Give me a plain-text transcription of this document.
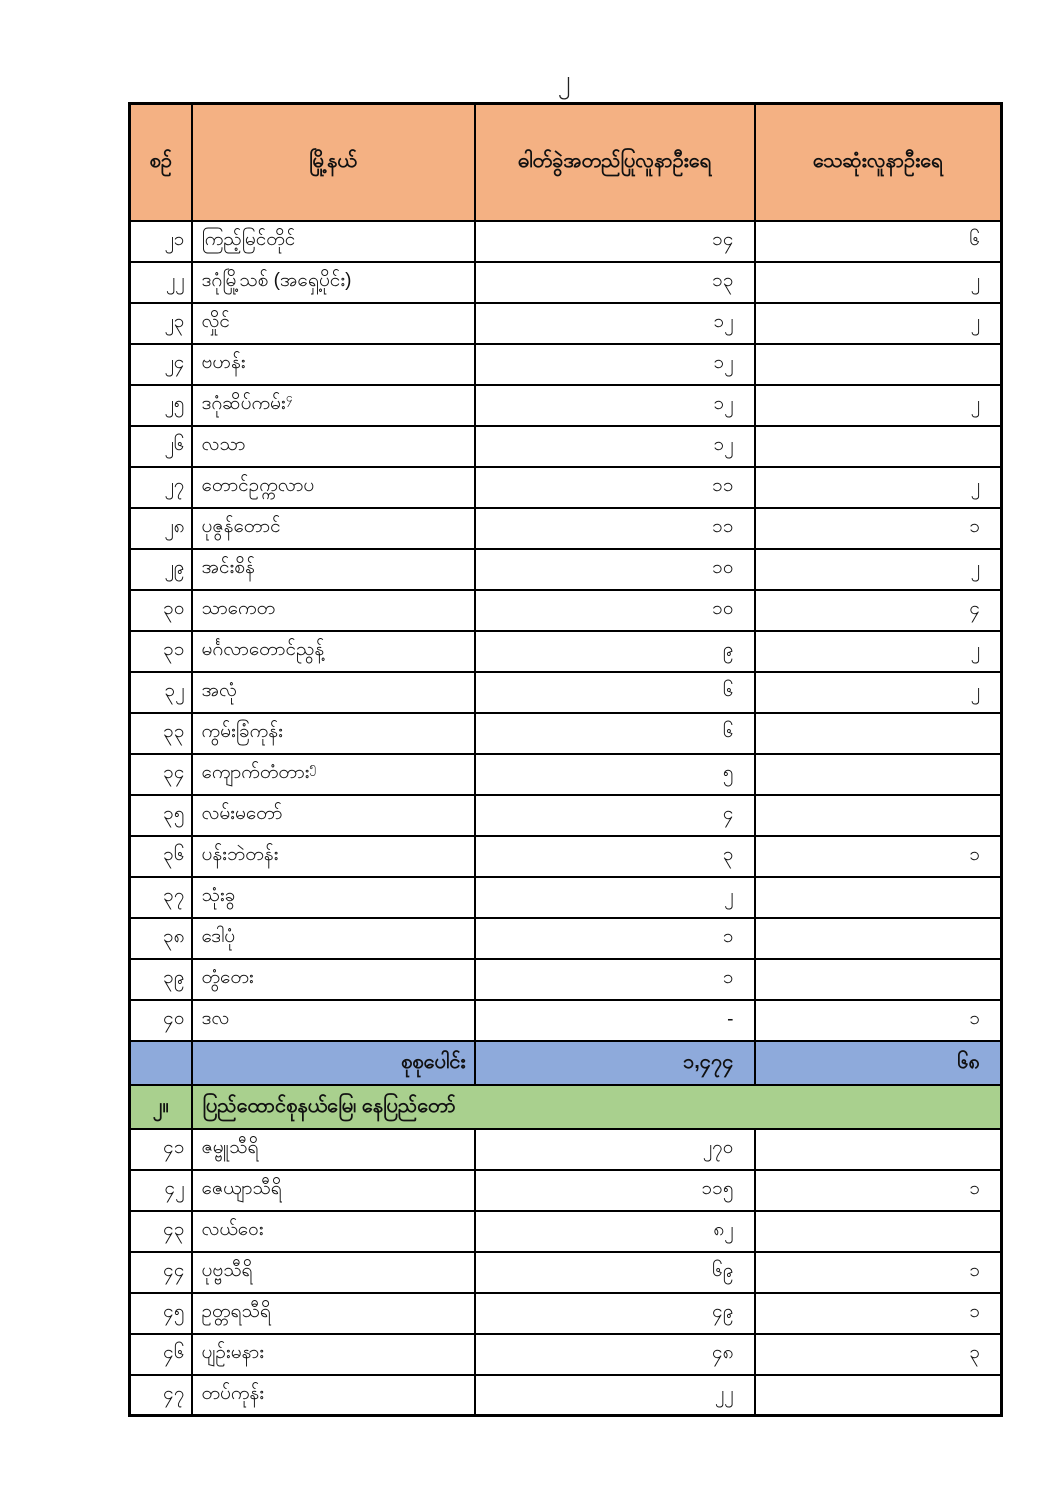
၂
စဉ်	မြို့နယ်	ဓါတ်ခွဲအတည်ပြုလူနာဦးရေ	သေဆုံးလူနာဦးရေ
၂၁	ကြည့်မြင်တိုင်	၁၄	၆
၂၂	ဒဂုံမြို့သစ် (အရှေ့ပိုင်း)	၁၃	၂
၂၃	လှိုင်	၁၂	၂
၂၄	ဗဟန်း	၁၂	
၂၅	ဒဂုံဆိပ်ကမ်း$^၄$	၁၂	၂
၂၆	လသာ	၁၂	
၂၇	တောင်ဥက္ကလာပ	၁၁	၂
၂၈	ပုဇွန်တောင်	၁၁	၁
၂၉	အင်းစိန်	၁၀	၂
၃၀	သာကေတ	၁၀	၄
၃၁	မင်္ဂလာတောင်ညွန့်	၉	၂
၃၂	အလုံ	၆	၂
၃၃	ကွမ်းခြံကုန်း	၆	
၃၄	ကျောက်တံတား$^၅$	၅	
၃၅	လမ်းမတော်	၄	
၃၆	ပန်းဘဲတန်း	၃	၁
၃၇	သုံးခွ	၂	
၃၈	ဒေါပုံ	၁	
၃၉	တွံတေး	၁	
၄၀	ဒလ	-	၁
	စုစုပေါင်း	၁,၄၇၄	၆၈
၂။	ပြည်ထောင်စုနယ်မြေ၊ နေပြည်တော်		
၄၁	ဇမ္ဗူသီရိ	၂၇၀	
၄၂	ဇေယျာသီရိ	၁၁၅	၁
၄၃	လယ်ဝေး	၈၂	
၄၄	ပုဗ္ဗသီရိ	၆၉	၁
၄၅	ဥတ္တရသီရိ	၄၉	၁
၄၆	ပျဉ်းမနား	၄၈	၃
၄၇	တပ်ကုန်း	၂၂	
